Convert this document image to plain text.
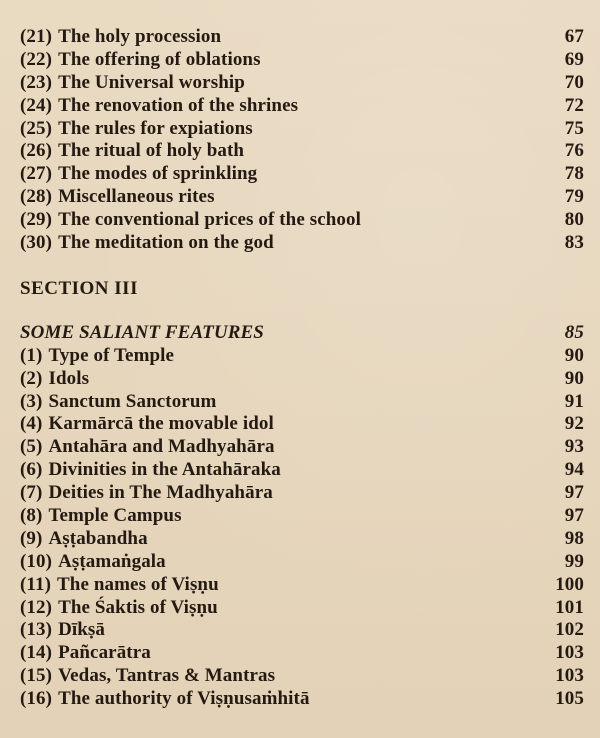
(21) The holy procession	67
(22) The offering of oblations	69
(23) The Universal worship	70
(24) The renovation of the shrines	72
(25) The rules for expiations	75
(26) The ritual of holy bath	76
(27) The modes of sprinkling	78
(28) Miscellaneous rites	79
(29) The conventional prices of the school	80
(30) The meditation on the god	83
SECTION III
SOME SALIANT FEATURES	85
(1) Type of Temple	90
(2) Idols	90
(3) Sanctum Sanctorum	91
(4) Karmārcā the movable idol	92
(5) Antahāra and Madhyahāra	93
(6) Divinities in the Antahāraka	94
(7) Deities in The Madhyahāra	97
(8) Temple Campus	97
(9) Aṣṭabandha	98
(10) Aṣṭamaṅgala	99
(11) The names of Viṣṇu	100
(12) The Śaktis of Viṣṇu	101
(13) Dīkṣā	102
(14) Pañcarātra	103
(15) Vedas, Tantras & Mantras	103
(16) The authority of Viṣṇusaṁhitā	105
